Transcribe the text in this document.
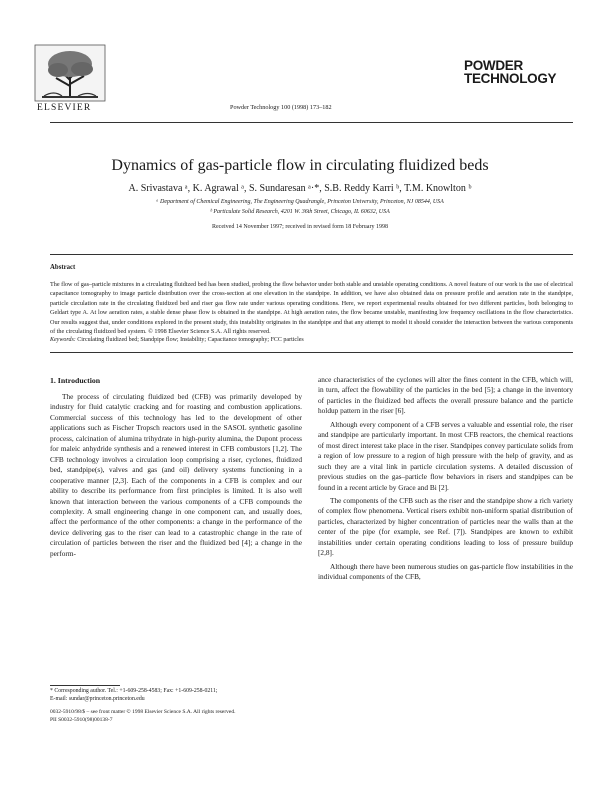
ELSEVIER	Powder Technology 100 (1998) 173–182
POWDER
TECHNOLOGY
Dynamics of gas-particle flow in circulating fluidized beds
A. Srivastava ᵃ, K. Agrawal ᵃ, S. Sundaresan ᵃ·*, S.B. Reddy Karri ᵇ, T.M. Knowlton ᵇ
ᵃ Department of Chemical Engineering, The Engineering Quadrangle, Princeton University, Princeton, NJ 08544, USA
ᵇ Particulate Solid Research, 4201 W. 36th Street, Chicago, IL 60632, USA
Received 14 November 1997; received in revised form 18 February 1998
Abstract
The flow of gas–particle mixtures in a circulating fluidized bed has been studied, probing the flow behavior under both stable and unstable operating conditions. A novel feature of our work is the use of electrical capacitance tomography to image particle distribution over the cross-section at one elevation in the standpipe. In addition, we have also obtained data on pressure profile and aeration rate in the standpipe, particle circulation rate in the circulating fluidized bed and riser gas flow rate under various operating conditions. Here, we report experimental results obtained for two different particles, both belonging to Geldart type A. At low aeration rates, a stable dense phase flow is obtained in the standpipe. At high aeration rates, the flow became unstable, manifesting low frequency oscillations in the flow characteristics. Our results suggest that, under conditions explored in the present study, this instability originates in the standpipe and that any attempt to model it should consider the interaction between the various components of the circulating fluidized bed system. © 1998 Elsevier Science S.A. All rights reserved.
Keywords: Circulating fluidized bed; Standpipe flow; Instability; Capacitance tomography; FCC particles
1. Introduction
The process of circulating fluidized bed (CFB) was primarily developed by industry for fluid catalytic cracking and for roasting and combustion applications. Commercial success of this technology has led to the development of other applications such as Fischer Tropsch reactors used in the SASOL synthetic gasoline process, calcination of alumina trihydrate in high-purity alumina, the Dupont process for maleic anhydride synthesis and a renewed interest in CFB combustors [1,2]. The CFB technology involves a circulation loop comprising a riser, cyclones, fluidized bed, standpipe(s), valves and gas (and oil) delivery systems functioning in a cooperative manner [2,3]. Each of the components in a CFB is complex and our ability to describe its performance from first principles is limited. It is also well known that interaction between the various components of a CFB compounds the complexity. A small engineering change in one component can, and usually does, affect the performance of the other components: a change in the performance of the device delivering gas to the riser can lead to a catastrophic change in the rate of circulation of particles between the riser and the fluidized bed [4]; a change in the perform-

ance characteristics of the cyclones will alter the fines content in the CFB, which will, in turn, affect the flowability of the particles in the bed [5]; a change in the inventory of particles in the fluidized bed affects the overall pressure balance and the particle holdup pattern in the riser [6].

Although every component of a CFB serves a valuable and essential role, the riser and standpipe are particularly important. In most CFB reactors, the chemical reactions of most direct interest take place in the riser. Standpipes convey particulate solids from a region of low pressure to a region of high pressure with the help of gravity, and as such they are a vital link in particle circulation systems. A detailed discussion of previous studies on the gas–particle flow behaviors in risers and standpipes can be found in a recent article by Grace and Bi [2].

The components of the CFB such as the riser and the standpipe show a rich variety of complex flow phenomena. Vertical risers exhibit non-uniform spatial distribution of particles, characterized by higher concentration of particles near the walls than at the center of the pipe (for example, see Ref. [7]). Standpipes are known to exhibit instabilities under certain operating conditions leading to loss of pressure buildup [2,8].

Although there have been numerous studies on gas-particle flow instabilities in the individual components of the CFB,

* Corresponding author. Tel.: +1-609-258-4583; Fax: +1-609-258-0211;
E-mail: sundar@princeton.princeton.edu
0032-5910/98/$ – see front matter © 1998 Elsevier Science S.A. All rights reserved.
PII S0032-5910(98)00138-7
